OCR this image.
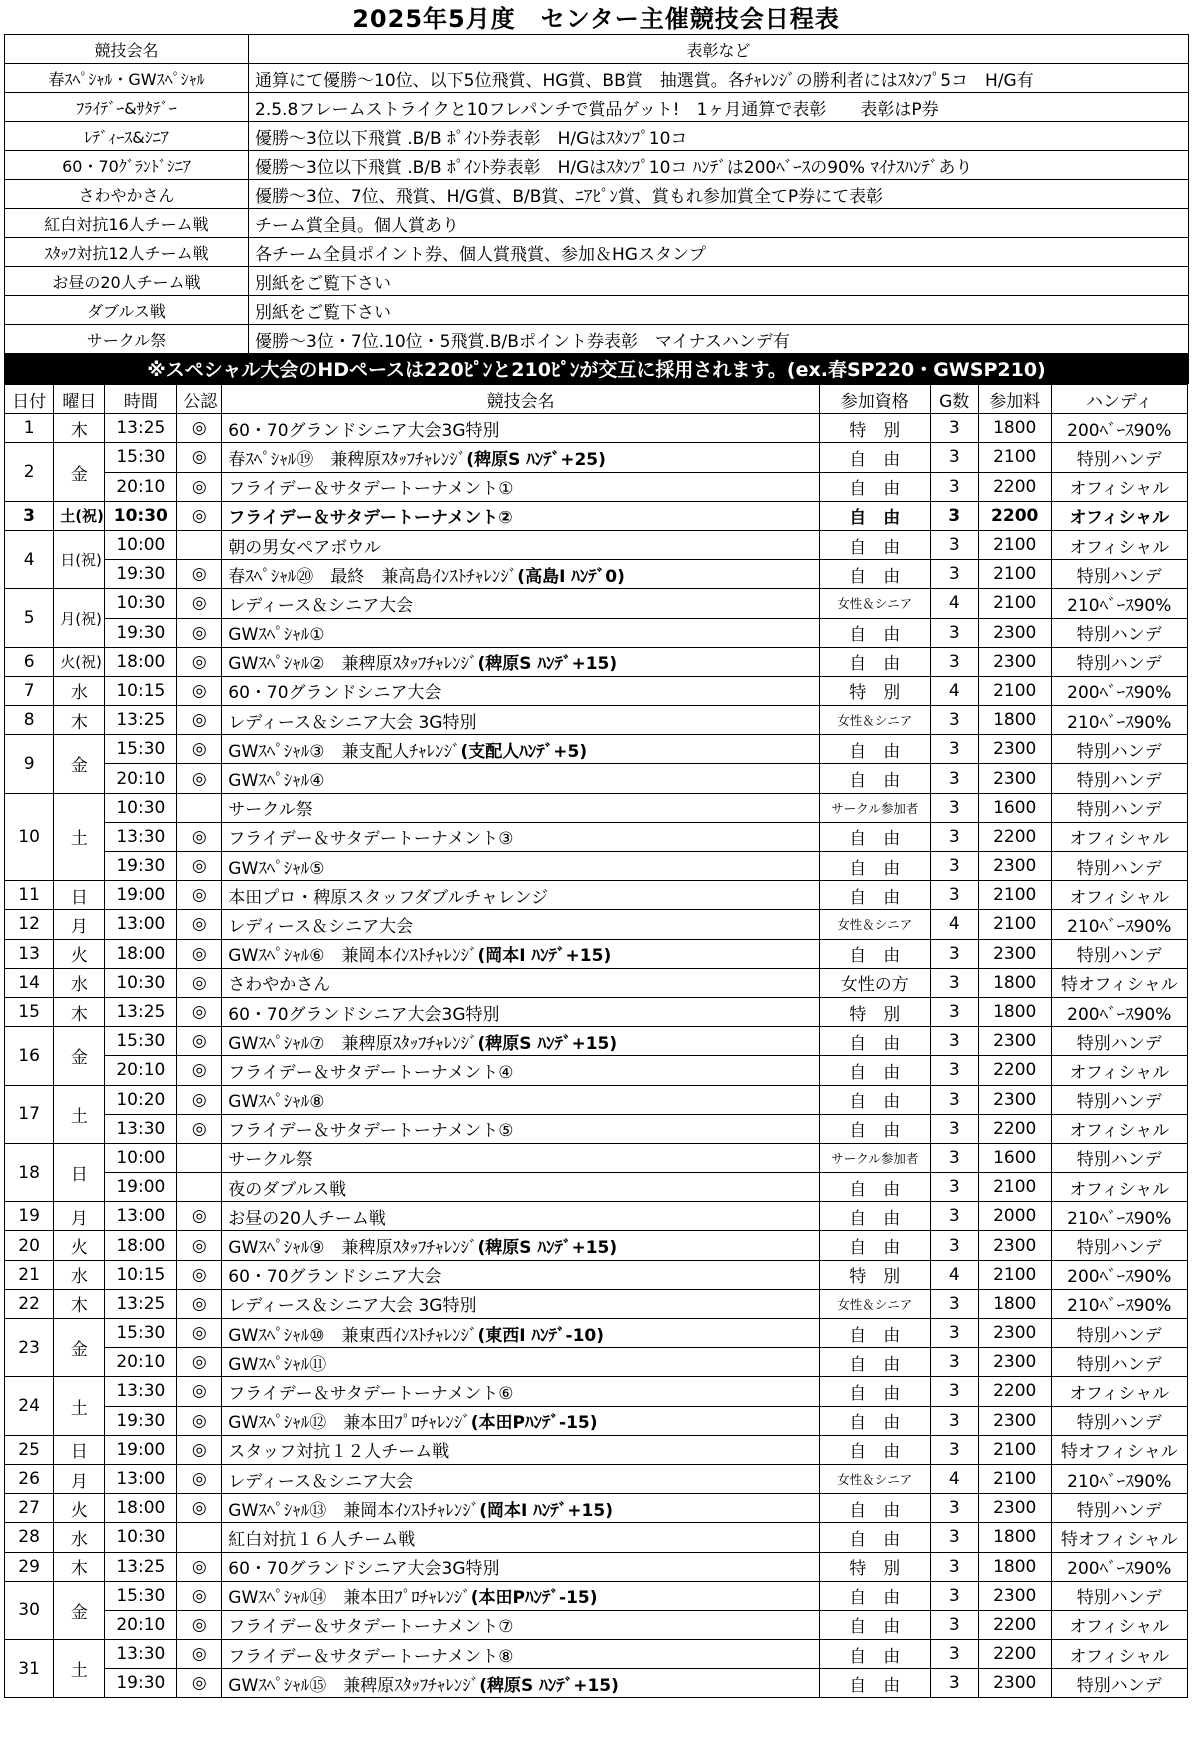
2025年5月度　センター主催競技会日程表
競技会名	表彰など
春ｽﾍﾟｼｬﾙ・GWｽﾍﾟｼｬﾙ	通算にて優勝～10位、以下5位飛賞、HG賞、BB賞　抽選賞。各ﾁｬﾚﾝｼﾞの勝利者にはｽﾀﾝﾌﾟ5コ　H/G有
ﾌﾗｲﾃﾞｰ&ｻﾀﾃﾞｰ	2.5.8フレームストライクと10フレパンチで賞品ゲット!　1ヶ月通算で表彰　　表彰はP券
ﾚﾃﾞｨｰｽ&ｼﾆｱ	優勝～3位以下飛賞 .B/B ﾎﾟｲﾝﾄ券表彰　H/Gはｽﾀﾝﾌﾟ10コ
60・70ｸﾞﾗﾝﾄﾞｼﾆｱ	優勝～3位以下飛賞 .B/B ﾎﾟｲﾝﾄ券表彰　H/Gはｽﾀﾝﾌﾟ10コ ﾊﾝﾃﾞは200ﾍﾞｰｽの90% ﾏｲﾅｽﾊﾝﾃﾞあり
さわやかさん	優勝～3位、7位、飛賞、H/G賞、B/B賞、ﾆｱﾋﾟﾝ賞、賞もれ参加賞全てP券にて表彰
紅白対抗16人チーム戦	チーム賞全員。個人賞あり
ｽﾀｯﾌ対抗12人チーム戦	各チーム全員ポイント券、個人賞飛賞、参加＆HGスタンプ
お昼の20人チーム戦	別紙をご覧下さい
ダブルス戦	別紙をご覧下さい
サークル祭	優勝～3位・7位.10位・5飛賞.B/Bポイント券表彰　マイナスハンデ有
※スペシャル大会のHDペースは220ﾋﾟﾝと210ﾋﾟﾝが交互に採用されます。(ex.春SP220・GWSP210)	
日付	曜日	時間	公認	競技会名	参加資格	G数	参加料	ハンディ
1	木	13:25	◎	60・70グランドシニア大会3G特別	特　別	3	1800	200ﾍﾞｰｽ90%
2	金	15:30	◎	春ｽﾍﾟｼｬﾙ⑲　兼稗原ｽﾀｯﾌﾁｬﾚﾝｼﾞ(稗原S ﾊﾝﾃﾞ+25)	自　由	3	2100	特別ハンデ
		20:10	◎	フライデー＆サタデートーナメント①	自　由	3	2200	オフィシャル
3	土(祝)	10:30	◎	フライデー＆サタデートーナメント②	自　由	3	2200	オフィシャル
4	日(祝)	10:00		朝の男女ペアボウル	自　由	3	2100	オフィシャル
		19:30	◎	春ｽﾍﾟｼｬﾙ⑳　最終　兼高島ｲﾝｽﾄﾁｬﾚﾝｼﾞ(高島I ﾊﾝﾃﾞ0)	自　由	3	2100	特別ハンデ
5	月(祝)	10:30	◎	レディース＆シニア大会	女性＆シニア	4	2100	210ﾍﾞｰｽ90%
		19:30	◎	GWｽﾍﾟｼｬﾙ①	自　由	3	2300	特別ハンデ
6	火(祝)	18:00	◎	GWｽﾍﾟｼｬﾙ②　兼稗原ｽﾀｯﾌﾁｬﾚﾝｼﾞ(稗原S ﾊﾝﾃﾞ+15)	自　由	3	2300	特別ハンデ
7	水	10:15	◎	60・70グランドシニア大会	特　別	4	2100	200ﾍﾞｰｽ90%
8	木	13:25	◎	レディース＆シニア大会 3G特別	女性＆シニア	3	1800	210ﾍﾞｰｽ90%
9	金	15:30	◎	GWｽﾍﾟｼｬﾙ③　兼支配人ﾁｬﾚﾝｼﾞ(支配人ﾊﾝﾃﾞ+5)	自　由	3	2300	特別ハンデ
		20:10	◎	GWｽﾍﾟｼｬﾙ④	自　由	3	2300	特別ハンデ
10	土	10:30		サークル祭	サークル参加者	3	1600	特別ハンデ
		13:30	◎	フライデー＆サタデートーナメント③	自　由	3	2200	オフィシャル
		19:30	◎	GWｽﾍﾟｼｬﾙ⑤	自　由	3	2300	特別ハンデ
11	日	19:00	◎	本田プロ・稗原スタッフダブルチャレンジ	自　由	3	2100	オフィシャル
12	月	13:00	◎	レディース＆シニア大会	女性＆シニア	4	2100	210ﾍﾞｰｽ90%
13	火	18:00	◎	GWｽﾍﾟｼｬﾙ⑥　兼岡本ｲﾝｽﾄﾁｬﾚﾝｼﾞ(岡本I ﾊﾝﾃﾞ+15)	自　由	3	2300	特別ハンデ
14	水	10:30	◎	さわやかさん	女性の方	3	1800	特オフィシャル
15	木	13:25	◎	60・70グランドシニア大会3G特別	特　別	3	1800	200ﾍﾞｰｽ90%
16	金	15:30	◎	GWｽﾍﾟｼｬﾙ⑦　兼稗原ｽﾀｯﾌﾁｬﾚﾝｼﾞ(稗原S ﾊﾝﾃﾞ+15)	自　由	3	2300	特別ハンデ
		20:10	◎	フライデー＆サタデートーナメント④	自　由	3	2200	オフィシャル
17	土	10:20	◎	GWｽﾍﾟｼｬﾙ⑧	自　由	3	2300	特別ハンデ
		13:30	◎	フライデー＆サタデートーナメント⑤	自　由	3	2200	オフィシャル
18	日	10:00		サークル祭	サークル参加者	3	1600	特別ハンデ
		19:00		夜のダブルス戦	自　由	3	2100	オフィシャル
19	月	13:00	◎	お昼の20人チーム戦	自　由	3	2000	210ﾍﾞｰｽ90%
20	火	18:00	◎	GWｽﾍﾟｼｬﾙ⑨　兼稗原ｽﾀｯﾌﾁｬﾚﾝｼﾞ(稗原S ﾊﾝﾃﾞ+15)	自　由	3	2300	特別ハンデ
21	水	10:15	◎	60・70グランドシニア大会	特　別	4	2100	200ﾍﾞｰｽ90%
22	木	13:25	◎	レディース＆シニア大会 3G特別	女性＆シニア	3	1800	210ﾍﾞｰｽ90%
23	金	15:30	◎	GWｽﾍﾟｼｬﾙ⑩　兼東西ｲﾝｽﾄﾁｬﾚﾝｼﾞ(東西I ﾊﾝﾃﾞ-10)	自　由	3	2300	特別ハンデ
		20:10	◎	GWｽﾍﾟｼｬﾙ⑪	自　由	3	2300	特別ハンデ
24	土	13:30	◎	フライデー＆サタデートーナメント⑥	自　由	3	2200	オフィシャル
		19:30	◎	GWｽﾍﾟｼｬﾙ⑫　兼本田ﾌﾟﾛﾁｬﾚﾝｼﾞ(本田Pﾊﾝﾃﾞ-15)	自　由	3	2300	特別ハンデ
25	日	19:00	◎	スタッフ対抗１２人チーム戦	自　由	3	2100	特オフィシャル
26	月	13:00	◎	レディース＆シニア大会	女性＆シニア	4	2100	210ﾍﾞｰｽ90%
27	火	18:00	◎	GWｽﾍﾟｼｬﾙ⑬　兼岡本ｲﾝｽﾄﾁｬﾚﾝｼﾞ(岡本I ﾊﾝﾃﾞ+15)	自　由	3	2300	特別ハンデ
28	水	10:30		紅白対抗１６人チーム戦	自　由	3	1800	特オフィシャル
29	木	13:25	◎	60・70グランドシニア大会3G特別	特　別	3	1800	200ﾍﾞｰｽ90%
30	金	15:30	◎	GWｽﾍﾟｼｬﾙ⑭　兼本田ﾌﾟﾛﾁｬﾚﾝｼﾞ(本田Pﾊﾝﾃﾞ-15)	自　由	3	2300	特別ハンデ
		20:10	◎	フライデー＆サタデートーナメント⑦	自　由	3	2200	オフィシャル
31	土	13:30	◎	フライデー＆サタデートーナメント⑧	自　由	3	2200	オフィシャル
		19:30	◎	GWｽﾍﾟｼｬﾙ⑮　兼稗原ｽﾀｯﾌﾁｬﾚﾝｼﾞ(稗原S ﾊﾝﾃﾞ+15)	自　由	3	2300	特別ハンデ
